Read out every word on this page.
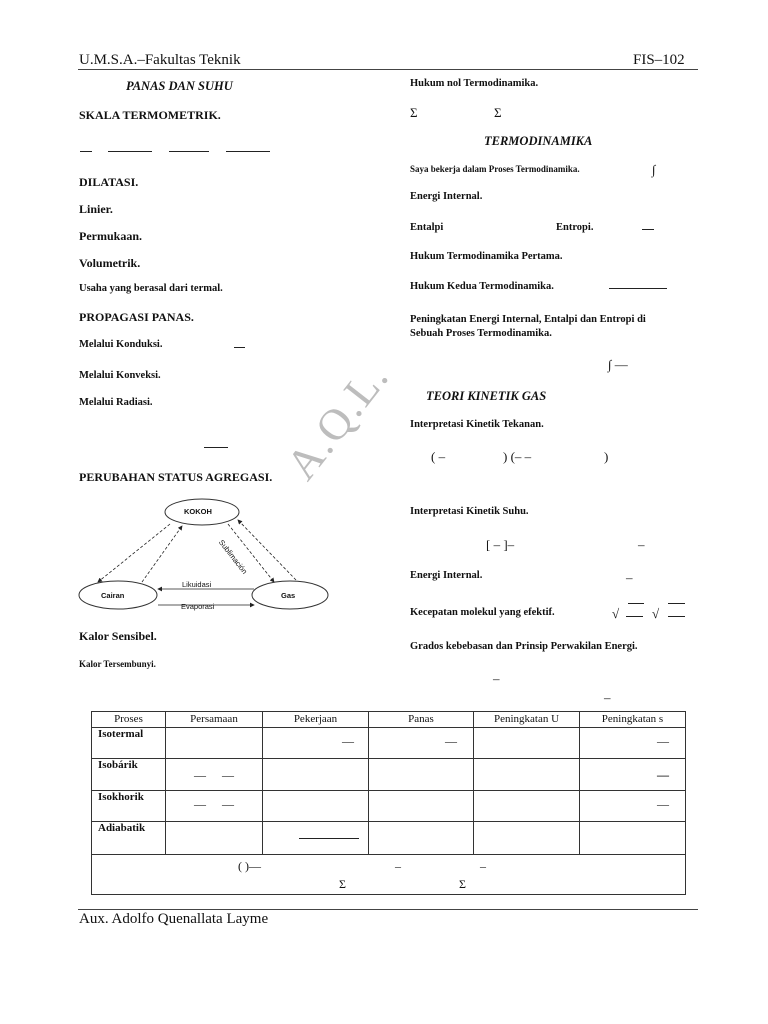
U.M.S.A.–Fakultas Teknik	FIS–102
PANAS DAN SUHU
SKALA TERMOMETRIK.
DILATASI.
Linier.
Permukaan.
Volumetrik.
Usaha yang berasal dari termal.
PROPAGASI PANAS.
Melalui Konduksi.
Melalui Konveksi.
Melalui Radiasi.
PERUBAHAN STATUS AGREGASI.
KOKOH
Cairan	Gas
Likuidasi
Evaporasi
Sublimación
A.Q.L.
Kalor Sensibel.
Kalor Tersembunyi.
Hukum nol Termodinamika.
Σ	Σ
TERMODINAMIKA
Saya bekerja dalam Proses Termodinamika.	∫
Energi Internal.
Entalpi	Entropi.
Hukum Termodinamika Pertama.
Hukum Kedua Termodinamika.
Peningkatan Energi Internal, Entalpi dan Entropi di
Sebuah Proses Termodinamika.
∫ —
TEORI KINETIK GAS
Interpretasi Kinetik Tekanan.
( –	) (– –	)
Interpretasi Kinetik Suhu.
[ – ]–	–
Energi Internal.	–
Kecepatan molekul yang efektif.	√	√
Grados kebebasan dan Prinsip Perwakilan Energi.
–
–
Proses	Persamaan	Pekerjaan	Panas	Peningkatan U	Peningkatan s
Isotermal		—	—		—

Isobárik	— —				—

Isokhorik	— —				—

Adiabatik		

( )— – –
Σ Σ					
Aux. Adolfo Quenallata Layme
